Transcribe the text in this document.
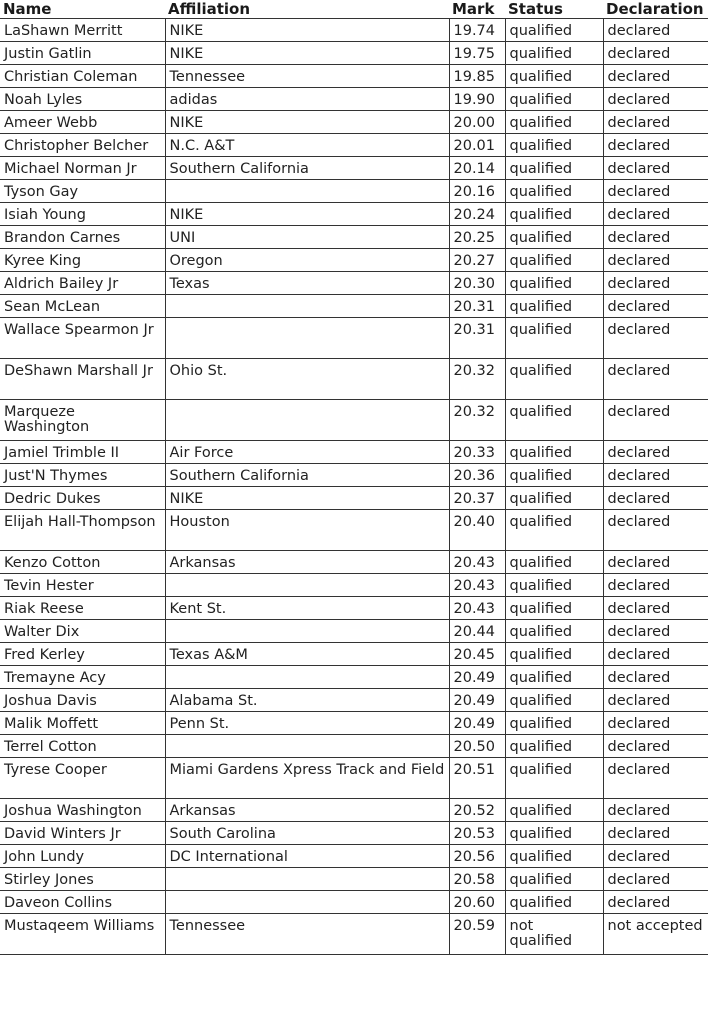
Name	Affiliation	Mark	Status	Declaration

LaShawn Merritt	NIKE	19.74	qualified	declared

Justin Gatlin	NIKE	19.75	qualified	declared

Christian Coleman	Tennessee	19.85	qualified	declared

Noah Lyles	adidas	19.90	qualified	declared

Ameer Webb	NIKE	20.00	qualified	declared

Christopher Belcher	N.C. A&T	20.01	qualified	declared

Michael Norman Jr	Southern California	20.14	qualified	declared

Tyson Gay		20.16	qualified	declared

Isiah Young	NIKE	20.24	qualified	declared

Brandon Carnes	UNI	20.25	qualified	declared

Kyree King	Oregon	20.27	qualified	declared

Aldrich Bailey Jr	Texas	20.30	qualified	declared

Sean McLean		20.31	qualified	declared

Wallace Spearmon Jr		20.31	qualified	declared

DeShawn Marshall Jr	Ohio St.	20.32	qualified	declared

Marqueze Washington		20.32	qualified	declared

Jamiel Trimble II	Air Force	20.33	qualified	declared

Just'N Thymes	Southern California	20.36	qualified	declared

Dedric Dukes	NIKE	20.37	qualified	declared

Elijah Hall-Thompson	Houston	20.40	qualified	declared

Kenzo Cotton	Arkansas	20.43	qualified	declared

Tevin Hester		20.43	qualified	declared

Riak Reese	Kent St.	20.43	qualified	declared

Walter Dix		20.44	qualified	declared

Fred Kerley	Texas A&M	20.45	qualified	declared

Tremayne Acy		20.49	qualified	declared

Joshua Davis	Alabama St.	20.49	qualified	declared

Malik Moffett	Penn St.	20.49	qualified	declared

Terrel Cotton		20.50	qualified	declared

Tyrese Cooper	Miami Gardens Xpress Track and Field	20.51	qualified	declared

Joshua Washington	Arkansas	20.52	qualified	declared

David Winters Jr	South Carolina	20.53	qualified	declared

John Lundy	DC International	20.56	qualified	declared

Stirley Jones		20.58	qualified	declared

Daveon Collins		20.60	qualified	declared

Mustaqeem Williams	Tennessee	20.59	not qualified	not accepted
